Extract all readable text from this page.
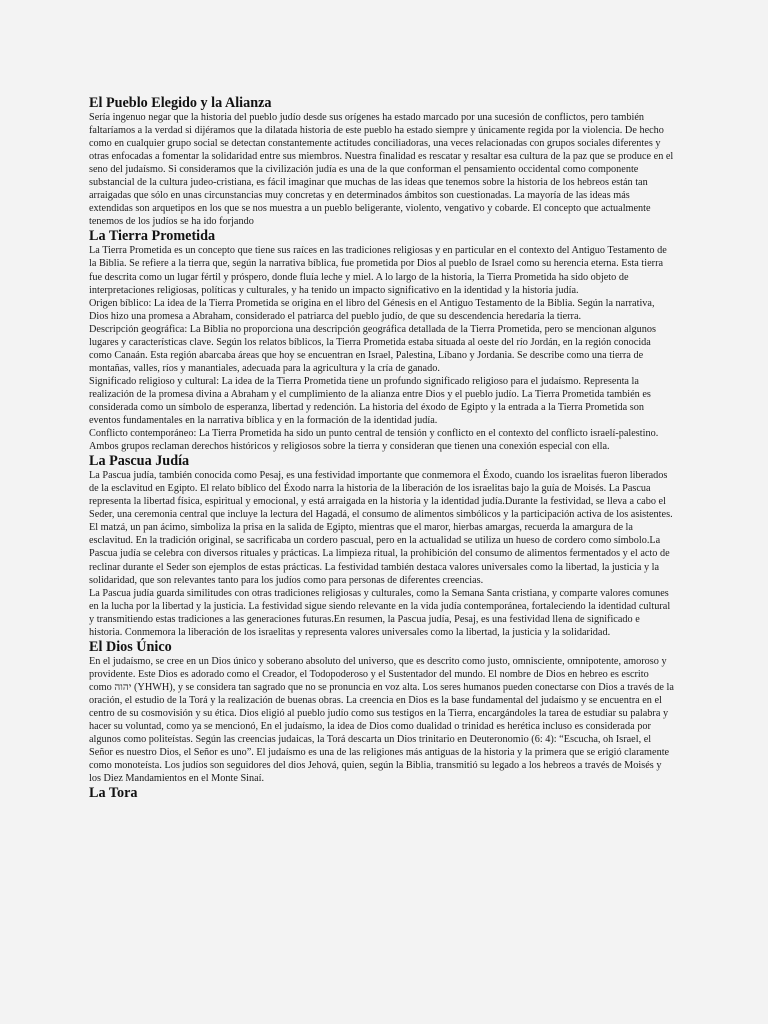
El Pueblo Elegido y la Alianza

Sería ingenuo negar que la historia del pueblo judío desde sus orígenes ha estado marcado por una sucesión de conflictos, pero también faltaríamos a la verdad si dijéramos que la dilatada historia de este pueblo ha estado siempre y únicamente regida por la violencia. De hecho como en cualquier grupo social se detectan constantemente actitudes conciliadoras, una veces relacionadas con grupos sociales diferentes y otras enfocadas a fomentar la solidaridad entre sus miembros. Nuestra finalidad es rescatar y resaltar esa cultura de la paz que se produce en el seno del judaísmo. Si consideramos que la civilización judía es una de la que conforman el pensamiento occidental como componente substancial de la cultura judeo-cristiana, es fácil imaginar que muchas de las ideas que tenemos sobre la historia de los hebreos están tan arraigadas que sólo en unas circunstancias muy concretas y en determinados ámbitos son cuestionadas. La mayoría de las ideas más extendidas son arquetipos en los que se nos muestra a un pueblo beligerante, violento, vengativo y cobarde. El concepto que actualmente tenemos de los judíos se ha ido forjando

La Tierra Prometida

La Tierra Prometida es un concepto que tiene sus raíces en las tradiciones religiosas y en particular en el contexto del Antiguo Testamento de la Biblia. Se refiere a la tierra que, según la narrativa bíblica, fue prometida por Dios al pueblo de Israel como su herencia eterna. Esta tierra fue descrita como un lugar fértil y próspero, donde fluía leche y miel. A lo largo de la historia, la Tierra Prometida ha sido objeto de interpretaciones religiosas, políticas y culturales, y ha tenido un impacto significativo en la identidad y la historia judía.

Origen bíblico: La idea de la Tierra Prometida se origina en el libro del Génesis en el Antiguo Testamento de la Biblia. Según la narrativa, Dios hizo una promesa a Abraham, considerado el patriarca del pueblo judío, de que su descendencia heredaría la tierra.

Descripción geográfica: La Biblia no proporciona una descripción geográfica detallada de la Tierra Prometida, pero se mencionan algunos lugares y características clave. Según los relatos bíblicos, la Tierra Prometida estaba situada al oeste del río Jordán, en la región conocida como Canaán. Esta región abarcaba áreas que hoy se encuentran en Israel, Palestina, Líbano y Jordania. Se describe como una tierra de montañas, valles, ríos y manantiales, adecuada para la agricultura y la cría de ganado.

Significado religioso y cultural: La idea de la Tierra Prometida tiene un profundo significado religioso para el judaísmo. Representa la realización de la promesa divina a Abraham y el cumplimiento de la alianza entre Dios y el pueblo judío. La Tierra Prometida también es considerada como un símbolo de esperanza, libertad y redención. La historia del éxodo de Egipto y la entrada a la Tierra Prometida son eventos fundamentales en la narrativa bíblica y en la formación de la identidad judía.

Conflicto contemporáneo: La Tierra Prometida ha sido un punto central de tensión y conflicto en el contexto del conflicto israelí-palestino. Ambos grupos reclaman derechos históricos y religiosos sobre la tierra y consideran que tienen una conexión especial con ella.

La Pascua Judía

La Pascua judía, también conocida como Pesaj, es una festividad importante que conmemora el Éxodo, cuando los israelitas fueron liberados de la esclavitud en Egipto. El relato bíblico del Éxodo narra la historia de la liberación de los israelitas bajo la guía de Moisés. La Pascua representa la libertad física, espiritual y emocional, y está arraigada en la historia y la identidad judía.Durante la festividad, se lleva a cabo el Seder, una ceremonia central que incluye la lectura del Hagadá, el consumo de alimentos simbólicos y la participación activa de los asistentes. El matzá, un pan ácimo, simboliza la prisa en la salida de Egipto, mientras que el maror, hierbas amargas, recuerda la amargura de la esclavitud. En la tradición original, se sacrificaba un cordero pascual, pero en la actualidad se utiliza un hueso de cordero como símbolo.La Pascua judía se celebra con diversos rituales y prácticas. La limpieza ritual, la prohibición del consumo de alimentos fermentados y el acto de reclinar durante el Seder son ejemplos de estas prácticas. La festividad también destaca valores universales como la libertad, la justicia y la solidaridad, que son relevantes tanto para los judíos como para personas de diferentes creencias.

La Pascua judía guarda similitudes con otras tradiciones religiosas y culturales, como la Semana Santa cristiana, y comparte valores comunes en la lucha por la libertad y la justicia. La festividad sigue siendo relevante en la vida judía contemporánea, fortaleciendo la identidad cultural y transmitiendo estas tradiciones a las generaciones futuras.En resumen, la Pascua judía, Pesaj, es una festividad llena de significado e historia. Conmemora la liberación de los israelitas y representa valores universales como la libertad, la justicia y la solidaridad.

El Dios Único

En el judaísmo, se cree en un Dios único y soberano absoluto del universo, que es descrito como justo, omnisciente, omnipotente, amoroso y providente. Este Dios es adorado como el Creador, el Todopoderoso y el Sustentador del mundo. El nombre de Dios en hebreo es escrito como יהוה (YHWH), y se considera tan sagrado que no se pronuncia en voz alta. Los seres humanos pueden conectarse con Dios a través de la oración, el estudio de la Torá y la realización de buenas obras. La creencia en Dios es la base fundamental del judaísmo y se encuentra en el centro de su cosmovisión y su ética. Dios eligió al pueblo judío como sus testigos en la Tierra, encargándoles la tarea de estudiar su palabra y hacer su voluntad, como ya se mencionó, En el judaísmo, la idea de Dios como dualidad o trinidad es herética incluso es considerada por algunos como politeístas. Según las creencias judaicas, la Torá descarta un Dios trinitario en Deuteronomio (6: 4): “Escucha, oh Israel, el Señor es nuestro Dios, el Señor es uno”. El judaísmo es una de las religiones más antiguas de la historia y la primera que se erigió claramente como monoteísta. Los judíos son seguidores del dios Jehová, quien, según la Biblia, transmitió su legado a los hebreos a través de Moisés y los Diez Mandamientos en el Monte Sinaí.

La Tora
